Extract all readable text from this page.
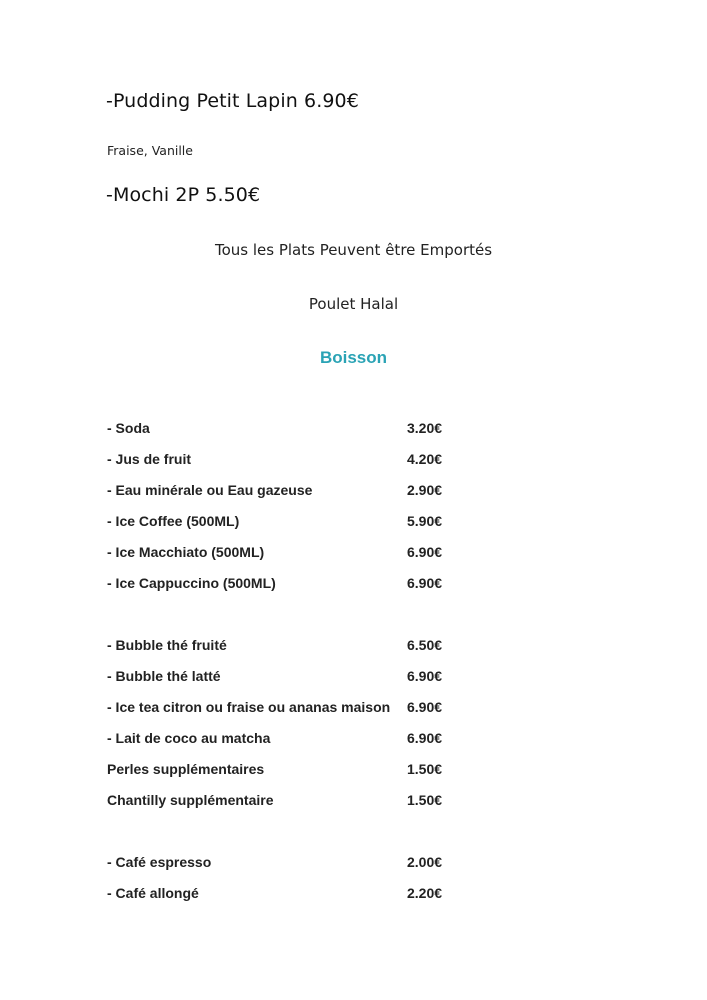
-Pudding Petit Lapin 6.90€
Fraise, Vanille
-Mochi 2P 5.50€
Tous les Plats Peuvent être Emportés
Poulet Halal
Boisson
- Soda	3.20€
- Jus de fruit	4.20€
- Eau minérale ou Eau gazeuse	2.90€
- Ice Coffee (500ML)	5.90€
- Ice Macchiato (500ML)	6.90€
- Ice Cappuccino (500ML)	6.90€
- Bubble thé fruité	6.50€
- Bubble thé latté	6.90€
- Ice tea citron ou fraise ou ananas maison 6.90€
- Lait de coco au matcha	6.90€
Perles supplémentaires	1.50€
Chantilly supplémentaire	1.50€
- Café espresso	2.00€
- Café allongé	2.20€
